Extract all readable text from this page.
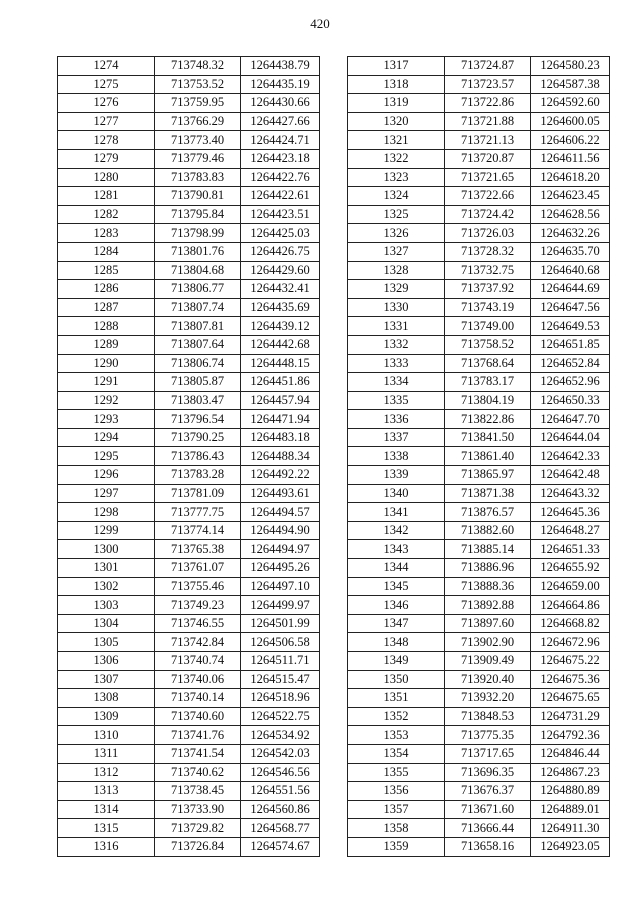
420
1274	713748.32	1264438.79
1275	713753.52	1264435.19
1276	713759.95	1264430.66
1277	713766.29	1264427.66
1278	713773.40	1264424.71
1279	713779.46	1264423.18
1280	713783.83	1264422.76
1281	713790.81	1264422.61
1282	713795.84	1264423.51
1283	713798.99	1264425.03
1284	713801.76	1264426.75
1285	713804.68	1264429.60
1286	713806.77	1264432.41
1287	713807.74	1264435.69
1288	713807.81	1264439.12
1289	713807.64	1264442.68
1290	713806.74	1264448.15
1291	713805.87	1264451.86
1292	713803.47	1264457.94
1293	713796.54	1264471.94
1294	713790.25	1264483.18
1295	713786.43	1264488.34
1296	713783.28	1264492.22
1297	713781.09	1264493.61
1298	713777.75	1264494.57
1299	713774.14	1264494.90
1300	713765.38	1264494.97
1301	713761.07	1264495.26
1302	713755.46	1264497.10
1303	713749.23	1264499.97
1304	713746.55	1264501.99
1305	713742.84	1264506.58
1306	713740.74	1264511.71
1307	713740.06	1264515.47
1308	713740.14	1264518.96
1309	713740.60	1264522.75
1310	713741.76	1264534.92
1311	713741.54	1264542.03
1312	713740.62	1264546.56
1313	713738.45	1264551.56
1314	713733.90	1264560.86
1315	713729.82	1264568.77
1316	713726.84	1264574.67
1317	713724.87	1264580.23
1318	713723.57	1264587.38
1319	713722.86	1264592.60
1320	713721.88	1264600.05
1321	713721.13	1264606.22
1322	713720.87	1264611.56
1323	713721.65	1264618.20
1324	713722.66	1264623.45
1325	713724.42	1264628.56
1326	713726.03	1264632.26
1327	713728.32	1264635.70
1328	713732.75	1264640.68
1329	713737.92	1264644.69
1330	713743.19	1264647.56
1331	713749.00	1264649.53
1332	713758.52	1264651.85
1333	713768.64	1264652.84
1334	713783.17	1264652.96
1335	713804.19	1264650.33
1336	713822.86	1264647.70
1337	713841.50	1264644.04
1338	713861.40	1264642.33
1339	713865.97	1264642.48
1340	713871.38	1264643.32
1341	713876.57	1264645.36
1342	713882.60	1264648.27
1343	713885.14	1264651.33
1344	713886.96	1264655.92
1345	713888.36	1264659.00
1346	713892.88	1264664.86
1347	713897.60	1264668.82
1348	713902.90	1264672.96
1349	713909.49	1264675.22
1350	713920.40	1264675.36
1351	713932.20	1264675.65
1352	713848.53	1264731.29
1353	713775.35	1264792.36
1354	713717.65	1264846.44
1355	713696.35	1264867.23
1356	713676.37	1264880.89
1357	713671.60	1264889.01
1358	713666.44	1264911.30
1359	713658.16	1264923.05
